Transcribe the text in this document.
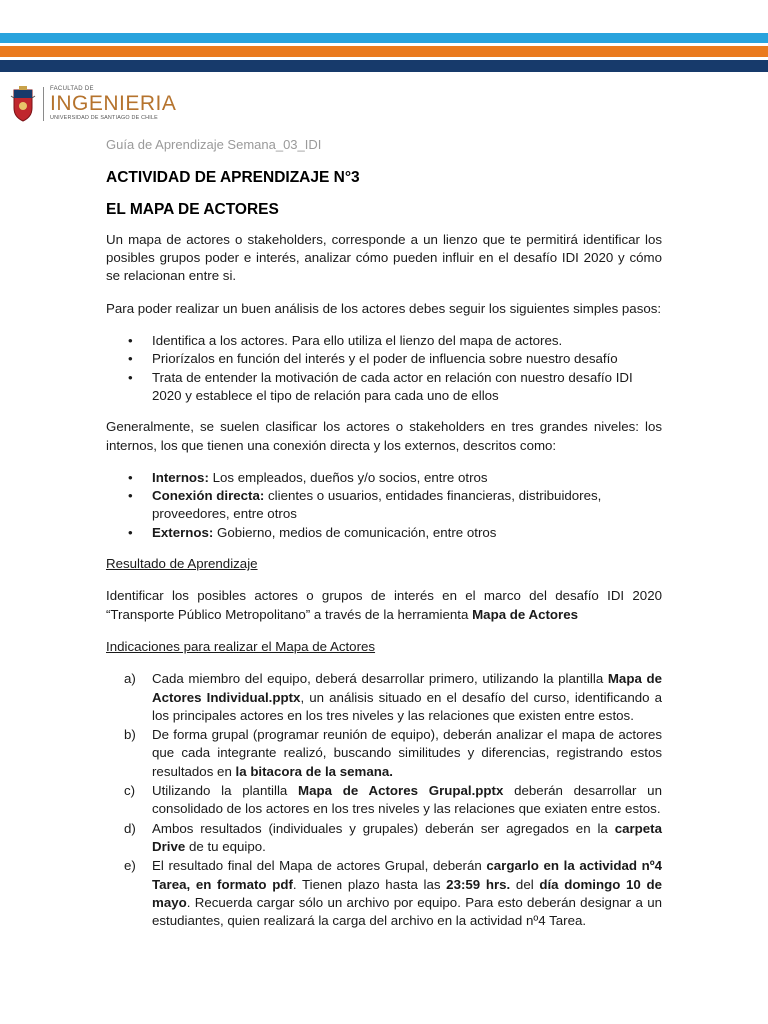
FACULTAD DE
INGENIERIA
UNIVERSIDAD DE SANTIAGO DE CHILE
Guía de Aprendizaje Semana_03_IDI
ACTIVIDAD DE APRENDIZAJE N°3
EL MAPA DE ACTORES

Un mapa de actores o stakeholders, corresponde a un lienzo que te permitirá identificar los posibles grupos poder e interés, analizar cómo pueden influir en el desafío IDI 2020 y cómo se relacionan entre si.

Para poder realizar un buen análisis de los actores debes seguir los siguientes simples pasos:

• Identifica a los actores. Para ello utiliza el lienzo del mapa de actores.
• Priorízalos en función del interés y el poder de influencia sobre nuestro desafío
• Trata de entender la motivación de cada actor en relación con nuestro desafío IDI 2020 y establece el tipo de relación para cada uno de ellos

Generalmente, se suelen clasificar los actores o stakeholders en tres grandes niveles: los internos, los que tienen una conexión directa y los externos, descritos como:

• Internos: Los empleados, dueños y/o socios, entre otros
• Conexión directa: clientes o usuarios, entidades financieras, distribuidores, proveedores, entre otros
• Externos: Gobierno, medios de comunicación, entre otros
Resultado de Aprendizaje

Identificar los posibles actores o grupos de interés en el marco del desafío IDI 2020 “Transporte Público Metropolitano” a través de la herramienta Mapa de Actores

Indicaciones para realizar el Mapa de Actores
a) Cada miembro del equipo, deberá desarrollar primero, utilizando la plantilla Mapa de Actores Individual.pptx, un análisis situado en el desafío del curso, identificando a los principales actores en los tres niveles y las relaciones que existen entre estos.
b) De forma grupal (programar reunión de equipo), deberán analizar el mapa de actores que cada integrante realizó, buscando similitudes y diferencias, registrando estos resultados en la bitacora de la semana.
c) Utilizando la plantilla Mapa de Actores Grupal.pptx deberán desarrollar un consolidado de los actores en los tres niveles y las relaciones que exiaten entre estos.
d) Ambos resultados (individuales y grupales) deberán ser agregados en la carpeta Drive de tu equipo.
e) El resultado final del Mapa de actores Grupal, deberán cargarlo en la actividad nº4 Tarea, en formato pdf. Tienen plazo hasta las 23:59 hrs. del día domingo 10 de mayo. Recuerda cargar sólo un archivo por equipo. Para esto deberán designar a un estudiantes, quien realizará la carga del archivo en la actividad nº4 Tarea.
